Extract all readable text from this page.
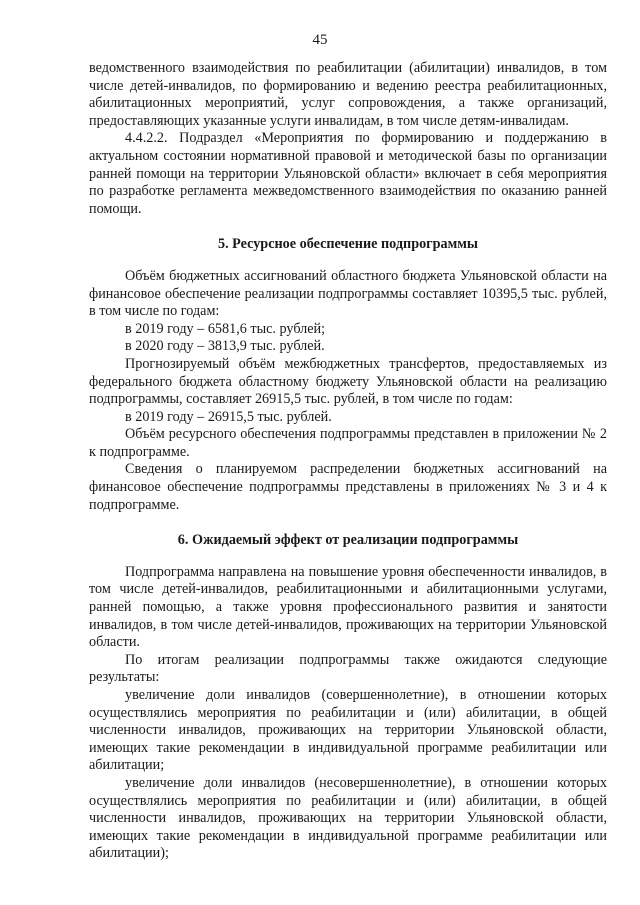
45

ведомственного взаимодействия по реабилитации (абилитации) инвалидов, в том числе детей-инвалидов, по формированию и ведению реестра реабилитационных, абилитационных мероприятий, услуг сопровождения, а также организаций, предоставляющих указанные услуги инвалидам, в том числе детям-инвалидам.

4.4.2.2. Подраздел «Мероприятия по формированию и поддержанию в актуальном состоянии нормативной правовой и методической базы по организации ранней помощи на территории Ульяновской области» включает в себя мероприятия по разработке регламента межведомственного взаимодействия по оказанию ранней помощи.

5. Ресурсное обеспечение подпрограммы

Объём бюджетных ассигнований областного бюджета Ульяновской области на финансовое обеспечение реализации подпрограммы составляет 10395,5 тыс. рублей, в том числе по годам:

в 2019 году – 6581,6 тыс. рублей;

в 2020 году – 3813,9 тыс. рублей.

Прогнозируемый объём межбюджетных трансфертов, предоставляемых из федерального бюджета областному бюджету Ульяновской области на реализацию подпрограммы, составляет 26915,5 тыс. рублей, в том числе по годам:

в 2019 году – 26915,5 тыс. рублей.

Объём ресурсного обеспечения подпрограммы представлен в приложении № 2 к подпрограмме.

Сведения о планируемом распределении бюджетных ассигнований на финансовое обеспечение подпрограммы представлены в приложениях № 3 и 4 к подпрограмме.

6. Ожидаемый эффект от реализации подпрограммы

Подпрограмма направлена на повышение уровня обеспеченности инвалидов, в том числе детей-инвалидов, реабилитационными и абилитационными услугами, ранней помощью, а также уровня профессионального развития и занятости инвалидов, в том числе детей-инвалидов, проживающих на территории Ульяновской области.

По итогам реализации подпрограммы также ожидаются следующие результаты:

увеличение доли инвалидов (совершеннолетние), в отношении которых осуществлялись мероприятия по реабилитации и (или) абилитации, в общей численности инвалидов, проживающих на территории Ульяновской области, имеющих такие рекомендации в индивидуальной программе реабилитации или абилитации;

увеличение доли инвалидов (несовершеннолетние), в отношении которых осуществлялись мероприятия по реабилитации и (или) абилитации, в общей численности инвалидов, проживающих на территории Ульяновской области, имеющих такие рекомендации в индивидуальной программе реабилитации или абилитации);
